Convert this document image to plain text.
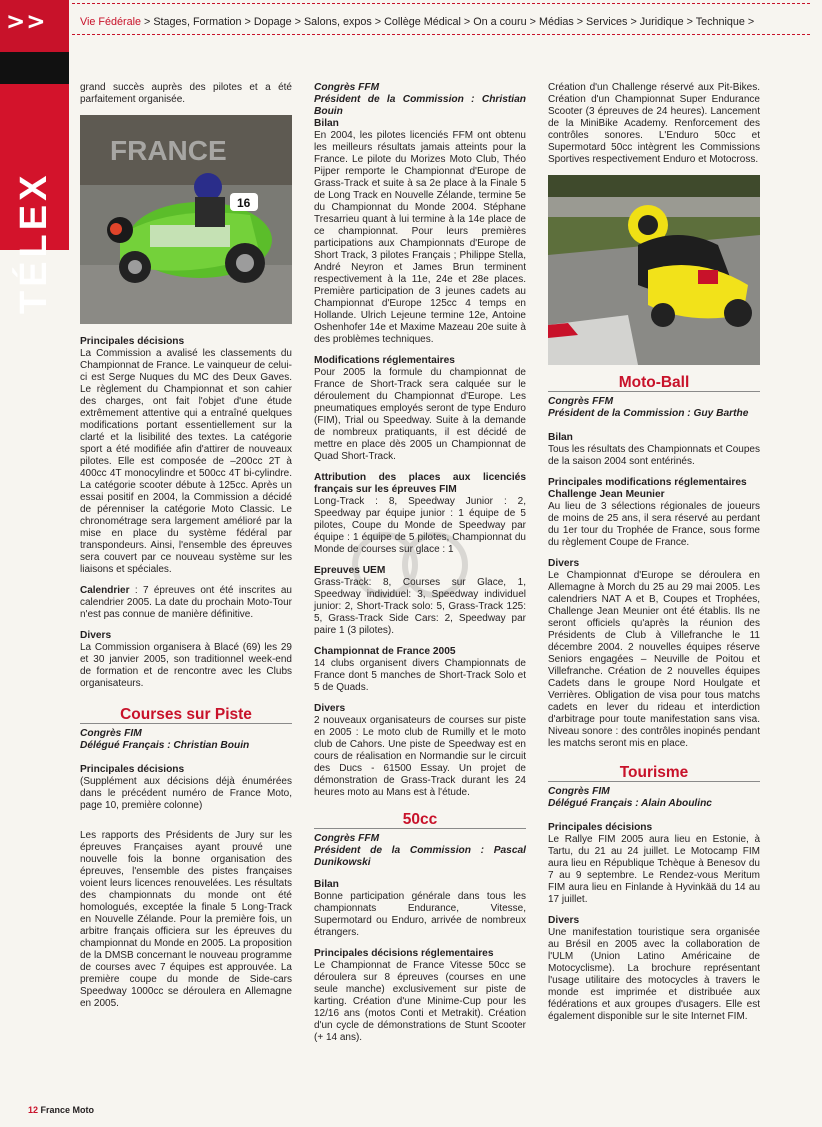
>>
TÉLEX
Vie Fédérale > Stages, Formation > Dopage > Salons, expos > Collège Médical > On a couru > Médias > Services > Juridique > Technique >

grand succès auprès des pilotes et a été parfaitement organisée.

FRANCE
16

Principales décisions

La Commission a avalisé les classements du Championnat de France. Le vainqueur de celui-ci est Serge Nuques du MC des Deux Gaves. Le règlement du Championnat et son cahier des charges, ont fait l'objet d'une étude extrêmement attentive qui a entraîné quelques modifications portant essentiellement sur la clarté et la lisibilité des textes. La catégorie sport a été modifiée afin d'attirer de nouveaux pilotes. Elle est composée de –200cc 2T à 400cc 4T monocylindre et 500cc 4T bi-cylindre. La catégorie scooter débute à 125cc. Après un essai positif en 2004, la Commission a décidé de pérenniser la catégorie Moto Classic. Le chronométrage sera largement amélioré par la mise en place du système fédéral par transpondeurs. Ainsi, l'ensemble des épreuves sera couvert par ce nouveau système sur les liaisons et spéciales.

Calendrier : 7 épreuves ont été inscrites au calendrier 2005. La date du prochain Moto-Tour n'est pas connue de manière définitive.

Divers

La Commission organisera à Blacé (69) les 29 et 30 janvier 2005, son traditionnel week-end de formation et de rencontre avec les Clubs organisateurs.

Courses sur Piste

Congrès FIM

Délégué Français : Christian Bouin

Principales décisions

(Supplément aux décisions déjà énumérées dans le précédent numéro de France Moto, page 10, première colonne)

Les rapports des Présidents de Jury sur les épreuves Françaises ayant prouvé une nouvelle fois la bonne organisation des épreuves, l'ensemble des pistes françaises voient leurs licences renouvelées. Les résultats des championnats du monde ont été homologués, exceptée la finale 5 Long-Track en Nouvelle Zélande. Pour la première fois, un arbitre français officiera sur les épreuves du championnat du Monde en 2005. La proposition de la DMSB concernant le nouveau programme de courses avec 7 équipes est approuvée. La première coupe du monde de Side-cars Speedway 1000cc se déroulera en Allemagne en 2005.

Congrès FFM

Président de la Commission : Christian Bouin

Bilan

En 2004, les pilotes licenciés FFM ont obtenu les meilleurs résultats jamais atteints pour la France. Le pilote du Morizes Moto Club, Théo Pijper remporte le Championnat d'Europe de Grass-Track et suite à sa 2e place à la Finale 5 de Long Track en Nouvelle Zélande, termine 5e du Championnat du Monde 2004. Stéphane Tresarrieu quant à lui termine à la 14e place de ce championnat. Pour leurs premières participations aux Championnats d'Europe de Short Track, 3 pilotes Français ; Philippe Stella, André Neyron et James Brun terminent respectivement à la 11e, 24e et 28e places. Première participation de 3 jeunes cadets au Championnat d'Europe 125cc 4 temps en Hollande. Ulrich Lejeune termine 12e, Antoine Oshenhofer 14e et Maxime Mazeau 20e suite à des problèmes techniques.

Modifications réglementaires

Pour 2005 la formule du championnat de France de Short-Track sera calquée sur le déroulement du Championnat d'Europe. Les pneumatiques employés seront de type Enduro (FIM), Trial ou Speedway. Suite à la demande de nombreux pratiquants, il est décidé de mettre en place dès 2005 un Championnat de Quad Short-Track.

Attribution des places aux licenciés français sur les épreuves FIM

Long-Track : 8, Speedway Junior : 2, Speedway par équipe junior : 1 équipe de 5 pilotes, Coupe du Monde de Speedway par équipe : 1 équipe de 5 pilotes, Championnat du Monde de courses sur glace : 1

Epreuves UEM

Grass-Track: 8, Courses sur Glace, 1, Speedway individuel: 3, Speedway individuel junior: 2, Short-Track solo: 5, Grass-Track 125: 5, Grass-Track Side Cars: 2, Speedway par paire 1 (3 pilotes).

Championnat de France 2005

14 clubs organisent divers Championnats de France dont 5 manches de Short-Track Solo et 5 de Quads.

Divers

2 nouveaux organisateurs de courses sur piste en 2005 : Le moto club de Rumilly et le moto club de Cahors. Une piste de Speedway est en cours de réalisation en Normandie sur le circuit des Ducs - 61500 Essay. Un projet de démonstration de Grass-Track durant les 24 heures moto au Mans est à l'étude.

50cc

Congrès FFM

Président de la Commission : Pascal Dunikowski

Bilan

Bonne participation générale dans tous les championnats Endurance, Vitesse, Supermotard ou Enduro, arrivée de nombreux étrangers.

Principales décisions réglementaires

Le Championnat de France Vitesse 50cc se déroulera sur 8 épreuves (courses en une seule manche) exclusivement sur piste de karting. Création d'une Minime-Cup pour les 12/16 ans (motos Conti et Metrakit). Création d'un cycle de démonstrations de Stunt Scooter (+ 14 ans).

Création d'un Challenge réservé aux Pit-Bikes. Création d'un Championnat Super Endurance Scooter (3 épreuves de 24 heures). Lancement de la MiniBike Academy. Renforcement des contrôles sonores. L'Enduro 50cc et Supermotard 50cc intègrent les Commissions Sportives respectivement Enduro et Motocross.

Moto-Ball

Congrès FFM

Président de la Commission : Guy Barthe

Bilan

Tous les résultats des Championnats et Coupes de la saison 2004 sont entérinés.

Principales modifications réglementaires

Challenge Jean Meunier

Au lieu de 3 sélections régionales de joueurs de moins de 25 ans, il sera réservé au perdant du 1er tour du Trophée de France, sous forme du règlement Coupe de France.

Divers

Le Championnat d'Europe se déroulera en Allemagne à Morch du 25 au 29 mai 2005. Les calendriers NAT A et B, Coupes et Trophées, Challenge Jean Meunier ont été établis. Ils ne seront officiels qu'après la réunion des Présidents de Club à Villefranche le 11 décembre 2004. 2 nouvelles équipes réserve Seniors engagées – Neuville de Poitou et Villefranche. Création de 2 nouvelles équipes Cadets dans le groupe Nord Houlgate et Verrières. Obligation de visa pour tous matchs cadets en lever du rideau et interdiction d'arbitrage pour toute manifestation sans visa. Niveau sonore : des contrôles inopinés pendant les matchs seront mis en place.

Tourisme

Congrès FIM

Délégué Français : Alain Aboulinc

Principales décisions

Le Rallye FIM 2005 aura lieu en Estonie, à Tartu, du 21 au 24 juillet. Le Motocamp FIM aura lieu en République Tchèque à Benesov du 7 au 9 septembre. Le Rendez-vous Meritum FIM aura lieu en Finlande à Hyvinkää du 14 au 17 juillet.

Divers

Une manifestation touristique sera organisée au Brésil en 2005 avec la collaboration de l'ULM (Union Latino Américaine de Motocyclisme). La brochure représentant l'usage utilitaire des motocycles à travers le monde est imprimée et distribuée aux fédérations et aux groupes d'usagers. Elle est également disponible sur le site Internet FIM.

12 France Moto
